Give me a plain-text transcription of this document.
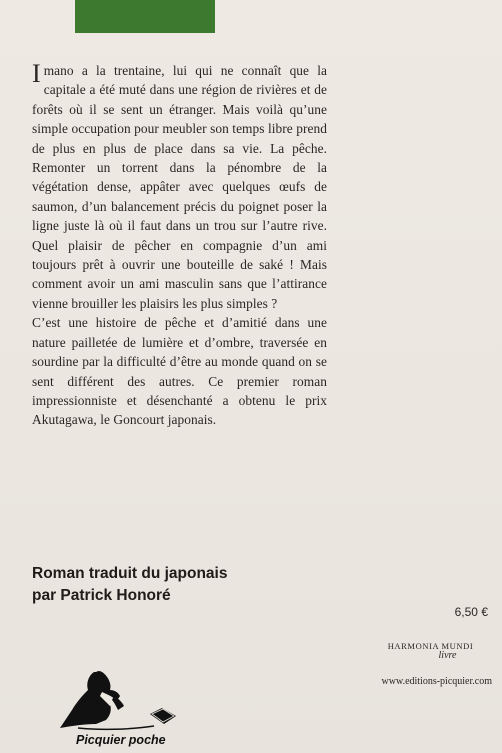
Imano a la trentaine, lui qui ne connaît que la capitale a été muté dans une région de rivières et de forêts où il se sent un étranger. Mais voilà qu’une simple occupation pour meubler son temps libre prend de plus en plus de place dans sa vie. La pêche. Remonter un torrent dans la pénombre de la végétation dense, appâter avec quelques œufs de saumon, d’un balancement précis du poignet poser la ligne juste là où il faut dans un trou sur l’autre rive. Quel plaisir de pêcher en compagnie d’un ami toujours prêt à ouvrir une bouteille de saké ! Mais comment avoir un ami masculin sans que l’attirance vienne brouiller les plaisirs les plus simples ?

C’est une histoire de pêche et d’amitié dans une nature pailletée de lumière et d’ombre, traversée en sourdine par la difficulté d’être au monde quand on se sent différent des autres. Ce premier roman impressionniste et désenchanté a obtenu le prix Akutagawa, le Goncourt japonais.

Roman traduit du japonais
par Patrick Honoré
6,50 €
HARMONIA MUNDI
livre
www.editions-picquier.com
Picquier poche
